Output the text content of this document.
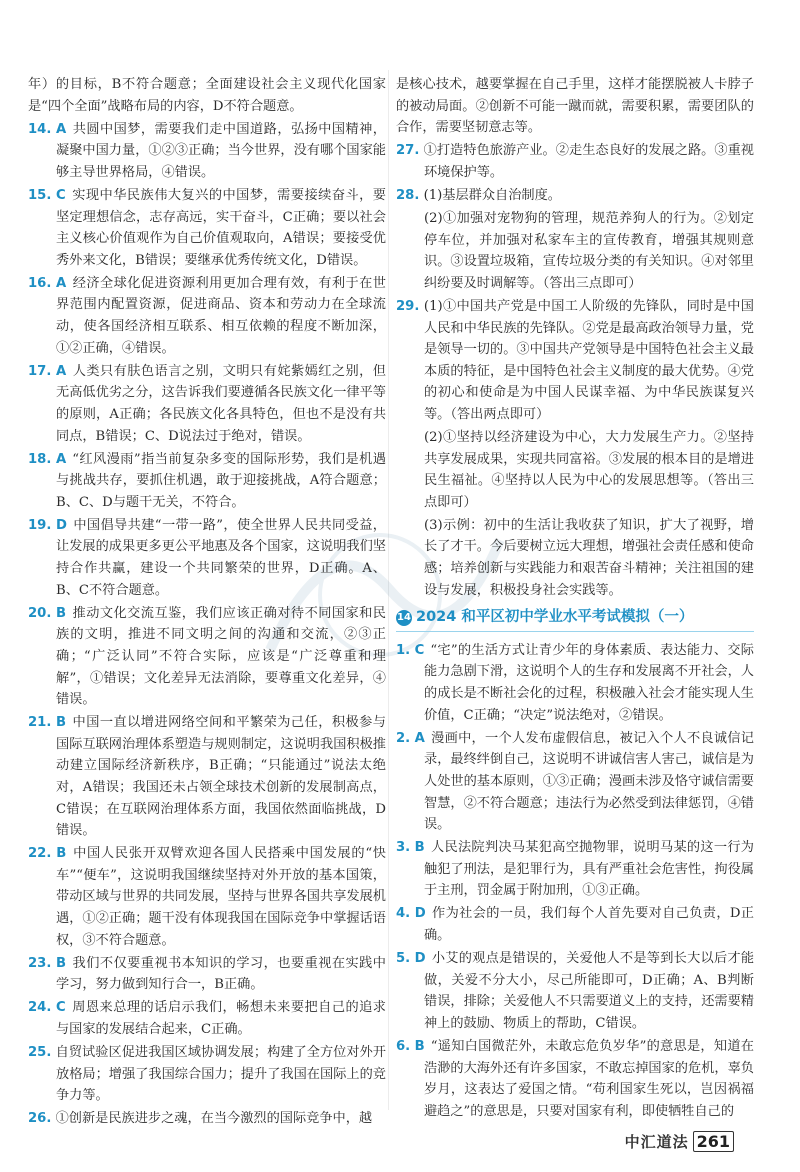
年）的目标，B不符合题意；全面建设社会主义现代化国家是“四个全面”战略布局的内容，D不符合题意。

14. A 共圆中国梦，需要我们走中国道路，弘扬中国精神，凝聚中国力量，①②③正确；当今世界，没有哪个国家能够主导世界格局，④错误。

15. C 实现中华民族伟大复兴的中国梦，需要接续奋斗，要坚定理想信念，志存高远，实干奋斗，C正确；要以社会主义核心价值观作为自己价值观取向，A错误；要接受优秀外来文化，B错误；要继承优秀传统文化，D错误。

16. A 经济全球化促进资源利用更加合理有效，有利于在世界范围内配置资源，促进商品、资本和劳动力在全球流动，使各国经济相互联系、相互依赖的程度不断加深，①②正确，④错误。

17. A 人类只有肤色语言之别，文明只有姹紫嫣红之别，但无高低优劣之分，这告诉我们要遵循各民族文化一律平等的原则，A正确；各民族文化各具特色，但也不是没有共同点，B错误；C、D说法过于绝对，错误。

18. A “红风漫雨”指当前复杂多变的国际形势，我们是机遇与挑战共存，要抓住机遇，敢于迎接挑战，A符合题意；B、C、D与题干无关，不符合。

19. D 中国倡导共建“一带一路”，使全世界人民共同受益，让发展的成果更多更公平地惠及各个国家，这说明我们坚持合作共赢，建设一个共同繁荣的世界，D正确。A、B、C不符合题意。

20. B 推动文化交流互鉴，我们应该正确对待不同国家和民族的文明，推进不同文明之间的沟通和交流，②③正确；“广泛认同”不符合实际，应该是“广泛尊重和理解”，①错误；文化差异无法消除，要尊重文化差异，④错误。

21. B 中国一直以增进网络空间和平繁荣为己任，积极参与国际互联网治理体系塑造与规则制定，这说明我国积极推动建立国际经济新秩序，B正确；“只能通过”说法太绝对，A错误；我国还未占领全球技术创新的发展制高点，C错误；在互联网治理体系方面，我国依然面临挑战，D错误。

22. B 中国人民张开双臂欢迎各国人民搭乘中国发展的“快车”“便车”，这说明我国继续坚持对外开放的基本国策，带动区域与世界的共同发展，坚持与世界各国共享发展机遇，①②正确；题干没有体现我国在国际竞争中掌握话语权，③不符合题意。

23. B 我们不仅要重视书本知识的学习，也要重视在实践中学习，努力做到知行合一，B正确。

24. C 周恩来总理的话启示我们，畅想未来要把自己的追求与国家的发展结合起来，C正确。

25. 自贸试验区促进我国区域协调发展；构建了全方位对外开放格局；增强了我国综合国力；提升了我国在国际上的竞争力等。

26. ①创新是民族进步之魂，在当今激烈的国际竞争中，越

是核心技术，越要掌握在自己手里，这样才能摆脱被人卡脖子的被动局面。②创新不可能一蹴而就，需要积累，需要团队的合作，需要坚韧意志等。

27. ①打造特色旅游产业。②走生态良好的发展之路。③重视环境保护等。

28. (1)基层群众自治制度。

(2)①加强对宠物狗的管理，规范养狗人的行为。②划定停车位，并加强对私家车主的宣传教育，增强其规则意识。③设置垃圾箱，宣传垃圾分类的有关知识。④对邻里纠纷要及时调解等。（答出三点即可）

29. (1)①中国共产党是中国工人阶级的先锋队，同时是中国人民和中华民族的先锋队。②党是最高政治领导力量，党是领导一切的。③中国共产党领导是中国特色社会主义最本质的特征，是中国特色社会主义制度的最大优势。④党的初心和使命是为中国人民谋幸福、为中华民族谋复兴等。（答出两点即可）

(2)①坚持以经济建设为中心，大力发展生产力。②坚持共享发展成果，实现共同富裕。③发展的根本目的是增进民生福祉。④坚持以人民为中心的发展思想等。（答出三点即可）

(3)示例：初中的生活让我收获了知识，扩大了视野，增长了才干。今后要树立远大理想，增强社会责任感和使命感；培养创新与实践能力和艰苦奋斗精神；关注祖国的建设与发展，积极投身社会实践等。

14 2024 和平区初中学业水平考试模拟（一）

1. C “宅”的生活方式让青少年的身体素质、表达能力、交际能力急剧下滑，这说明个人的生存和发展离不开社会，人的成长是不断社会化的过程，积极融入社会才能实现人生价值，C正确；“决定”说法绝对，②错误。

2. A 漫画中，一个人发布虚假信息，被记入个人不良诚信记录，最终绊倒自己，这说明不讲诚信害人害己，诚信是为人处世的基本原则，①③正确；漫画未涉及恪守诚信需要智慧，②不符合题意；违法行为必然受到法律惩罚，④错误。

3. B 人民法院判决马某犯高空抛物罪，说明马某的这一行为触犯了刑法，是犯罪行为，具有严重社会危害性，拘役属于主刑，罚金属于附加刑，①③正确。

4. D 作为社会的一员，我们每个人首先要对自己负责，D正确。

5. D 小艾的观点是错误的，关爱他人不是等到长大以后才能做，关爱不分大小，尽己所能即可，D正确；A、B判断错误，排除；关爱他人不只需要道义上的支持，还需要精神上的鼓励、物质上的帮助，C错误。

6. B “遥知白国微茫外，未敢忘危负岁华”的意思是，知道在浩渺的大海外还有许多国家，不敢忘掉国家的危机，辜负岁月，这表达了爱国之情。“苟利国家生死以，岂因祸福避趋之”的意思是，只要对国家有利，即使牺牲自己的

中汇道法 261
